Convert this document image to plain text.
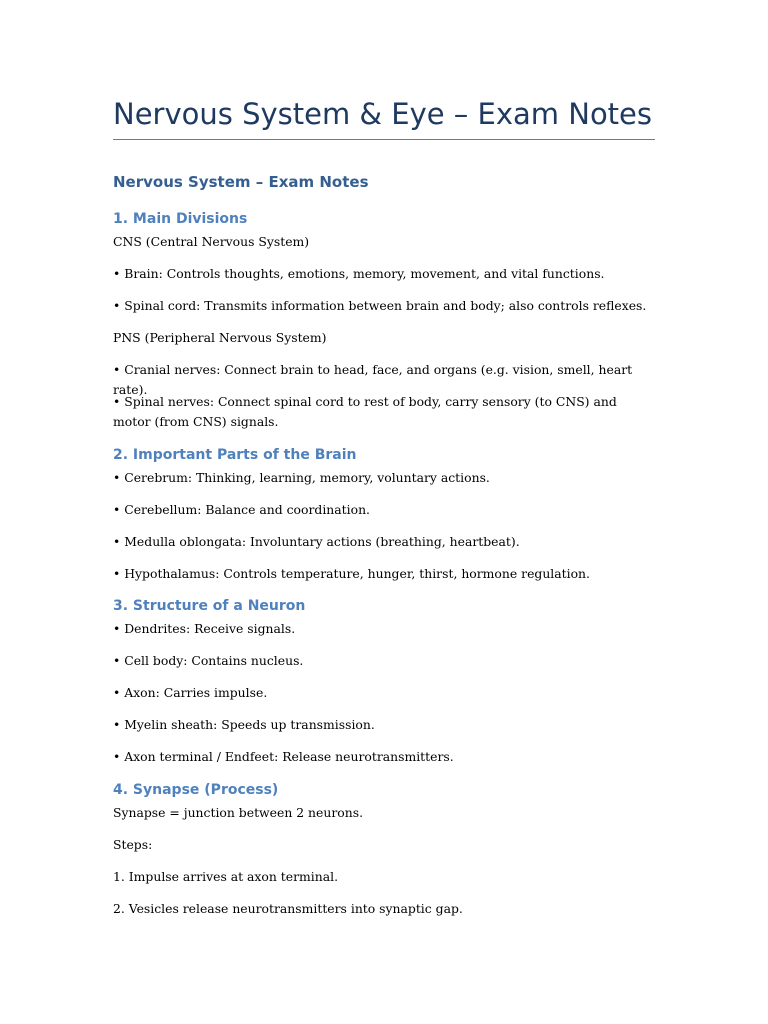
Nervous System & Eye – Exam Notes
Nervous System – Exam Notes
1. Main Divisions

CNS (Central Nervous System)

• Brain: Controls thoughts, emotions, memory, movement, and vital functions.

• Spinal cord: Transmits information between brain and body; also controls reflexes.

PNS (Peripheral Nervous System)

• Cranial nerves: Connect brain to head, face, and organs (e.g. vision, smell, heart rate).

• Spinal nerves: Connect spinal cord to rest of body, carry sensory (to CNS) and motor (from CNS) signals.

2. Important Parts of the Brain

• Cerebrum: Thinking, learning, memory, voluntary actions.

• Cerebellum: Balance and coordination.

• Medulla oblongata: Involuntary actions (breathing, heartbeat).

• Hypothalamus: Controls temperature, hunger, thirst, hormone regulation.

3. Structure of a Neuron

• Dendrites: Receive signals.

• Cell body: Contains nucleus.

• Axon: Carries impulse.

• Myelin sheath: Speeds up transmission.

• Axon terminal / Endfeet: Release neurotransmitters.

4. Synapse (Process)

Synapse = junction between 2 neurons.

Steps:

1. Impulse arrives at axon terminal.

2. Vesicles release neurotransmitters into synaptic gap.
